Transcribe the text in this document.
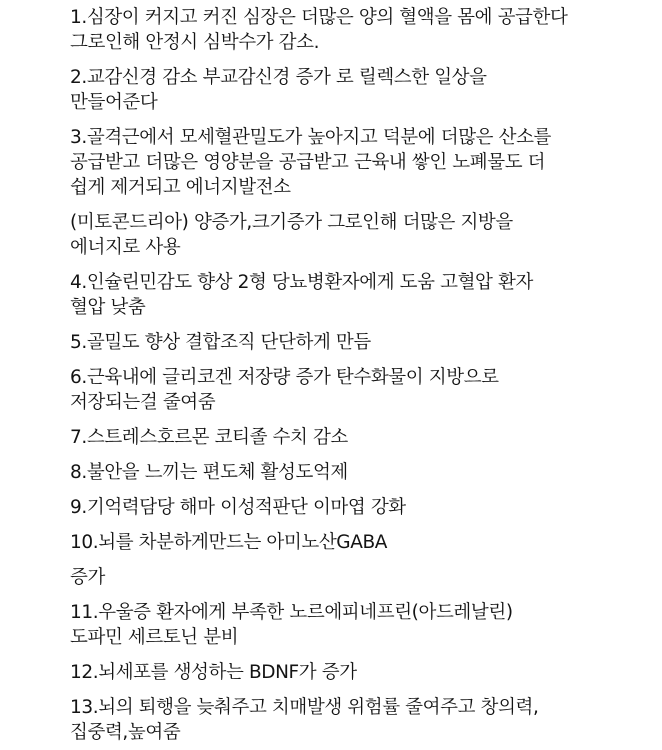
1.심장이 커지고 커진 심장은 더많은 양의 혈액을 몸에 공급한다 그로인해 안정시 심박수가 감소.

2.교감신경 감소 부교감신경 증가 로 릴렉스한 일상을 만들어준다

3.골격근에서 모세혈관밀도가 높아지고 덕분에 더많은 산소를 공급받고 더많은 영양분을 공급받고 근육내 쌓인 노폐물도 더 쉽게 제거되고 에너지발전소

(미토콘드리아) 양증가,크기증가 그로인해 더많은 지방을 에너지로 사용

4.인슐린민감도 향상 2형 당뇨병환자에게 도움 고혈압 환자 혈압 낮춤

5.골밀도 향상 결합조직 단단하게 만듬

6.근육내에 글리코겐 저장량 증가 탄수화물이 지방으로 저장되는걸 줄여줌

7.스트레스호르몬 코티졸 수치 감소

8.불안을 느끼는 편도체 활성도억제

9.기억력담당 해마 이성적판단 이마엽 강화

10.뇌를 차분하게만드는 아미노산GABA

증가

11.우울증 환자에게 부족한 노르에피네프린(아드레날린) 도파민 세르토닌 분비

12.뇌세포를 생성하는 BDNF가 증가

13.뇌의 퇴행을 늦춰주고 치매발생 위험률 줄여주고 창의력,집중력,높여줌
